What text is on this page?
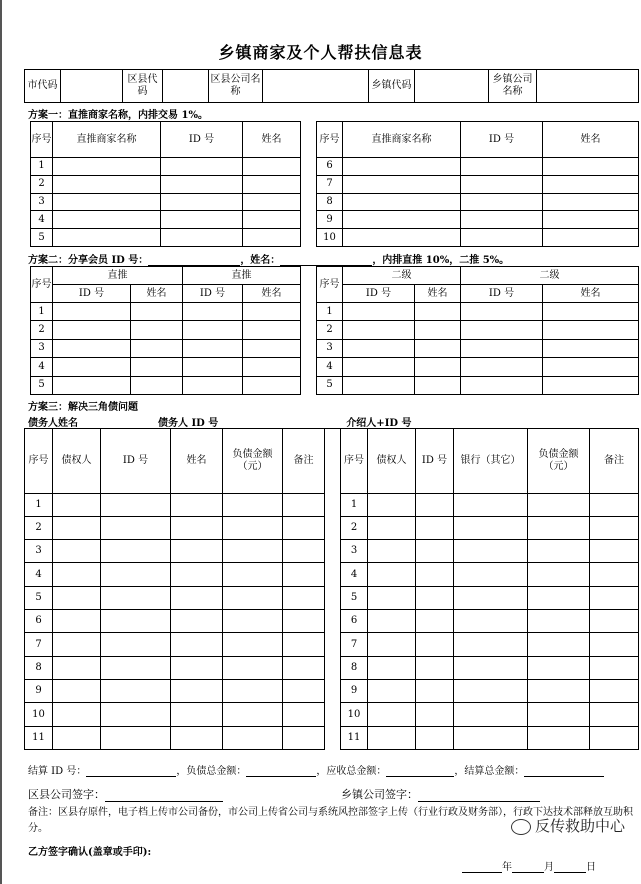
乡镇商家及个人帮扶信息表
市代码		区县代码		区县公司名称		乡镇代码		乡镇公司名称	
方案一：直推商家名称，内排交易 1%。
序号	直推商家名称	ID 号	姓名
1			
2			
3			
4			
5			
序号	直推商家名称	ID 号	姓名
6			
7			
8			
9			
10			
方案二：分享会员 ID 号：	，姓名：	，内排直推 10%，二推 5%。
序号	直推		直推	
	ID 号	姓名	ID 号	姓名
1				
2				
3				
4				
5				
序号	二级		二级	
	ID 号	姓名	ID 号	姓名
1				
2				
3				
4				
5				
方案三：解决三角债问题
债务人姓名	债务人 ID 号	介绍人+ID 号
序号	债权人	ID 号	姓名	负债金额（元）	备注
1					
2					
3					
4					
5					
6					
7					
8					
9					
10					
11					
序号	债权人	ID 号	银行（其它）	负债金额（元）	备注
1					
2					
3					
4					
5					
6					
7					
8					
9					
10					
11					
结算 ID 号：	，负债总金额：	，应收总金额：	，结算总金额：
区县公司签字：	乡镇公司签字：
备注：区县存原件，电子档上传市公司备份，市公司上传省公司与系统风控部签字上传（行业行政及财务部），行政下达技术部释放互助积分。
乙方签字确认(盖章或手印):
年	月	日
反传救助中心
